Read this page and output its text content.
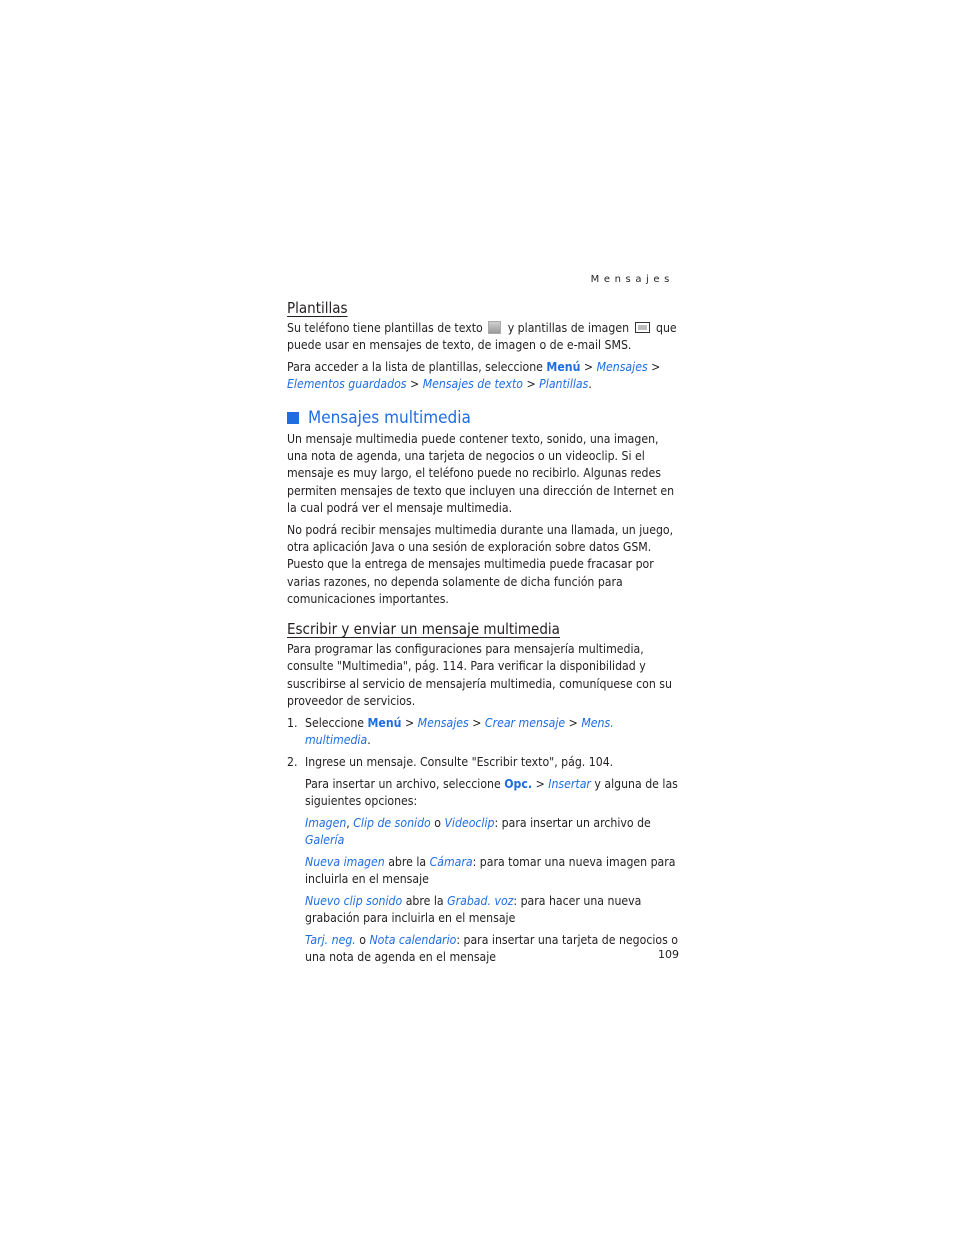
Mensajes
Plantillas

Su teléfono tiene plantillas de texto y plantillas de imagen que puede usar en mensajes de texto, de imagen o de e-mail SMS.

Para acceder a la lista de plantillas, seleccione Menú > Mensajes > Elementos guardados > Mensajes de texto > Plantillas.

Mensajes multimedia

Un mensaje multimedia puede contener texto, sonido, una imagen, una nota de agenda, una tarjeta de negocios o un videoclip. Si el mensaje es muy largo, el teléfono puede no recibirlo. Algunas redes permiten mensajes de texto que incluyen una dirección de Internet en la cual podrá ver el mensaje multimedia.

No podrá recibir mensajes multimedia durante una llamada, un juego, otra aplicación Java o una sesión de exploración sobre datos GSM. Puesto que la entrega de mensajes multimedia puede fracasar por varias razones, no dependa solamente de dicha función para comunicaciones importantes.

Escribir y enviar un mensaje multimedia

Para programar las configuraciones para mensajería multimedia, consulte "Multimedia", pág. 114. Para verificar la disponibilidad y suscribirse al servicio de mensajería multimedia, comuníquese con su proveedor de servicios.

1. Seleccione Menú > Mensajes > Crear mensaje > Mens. multimedia.
2. Ingrese un mensaje. Consulte "Escribir texto", pág. 104.

Para insertar un archivo, seleccione Opc. > Insertar y alguna de las siguientes opciones:

Imagen, Clip de sonido o Videoclip: para insertar un archivo de Galería

Nueva imagen abre la Cámara: para tomar una nueva imagen para incluirla en el mensaje

Nuevo clip sonido abre la Grabad. voz: para hacer una nueva grabación para incluirla en el mensaje

Tarj. neg. o Nota calendario: para insertar una tarjeta de negocios o una nota de agenda en el mensaje	109
